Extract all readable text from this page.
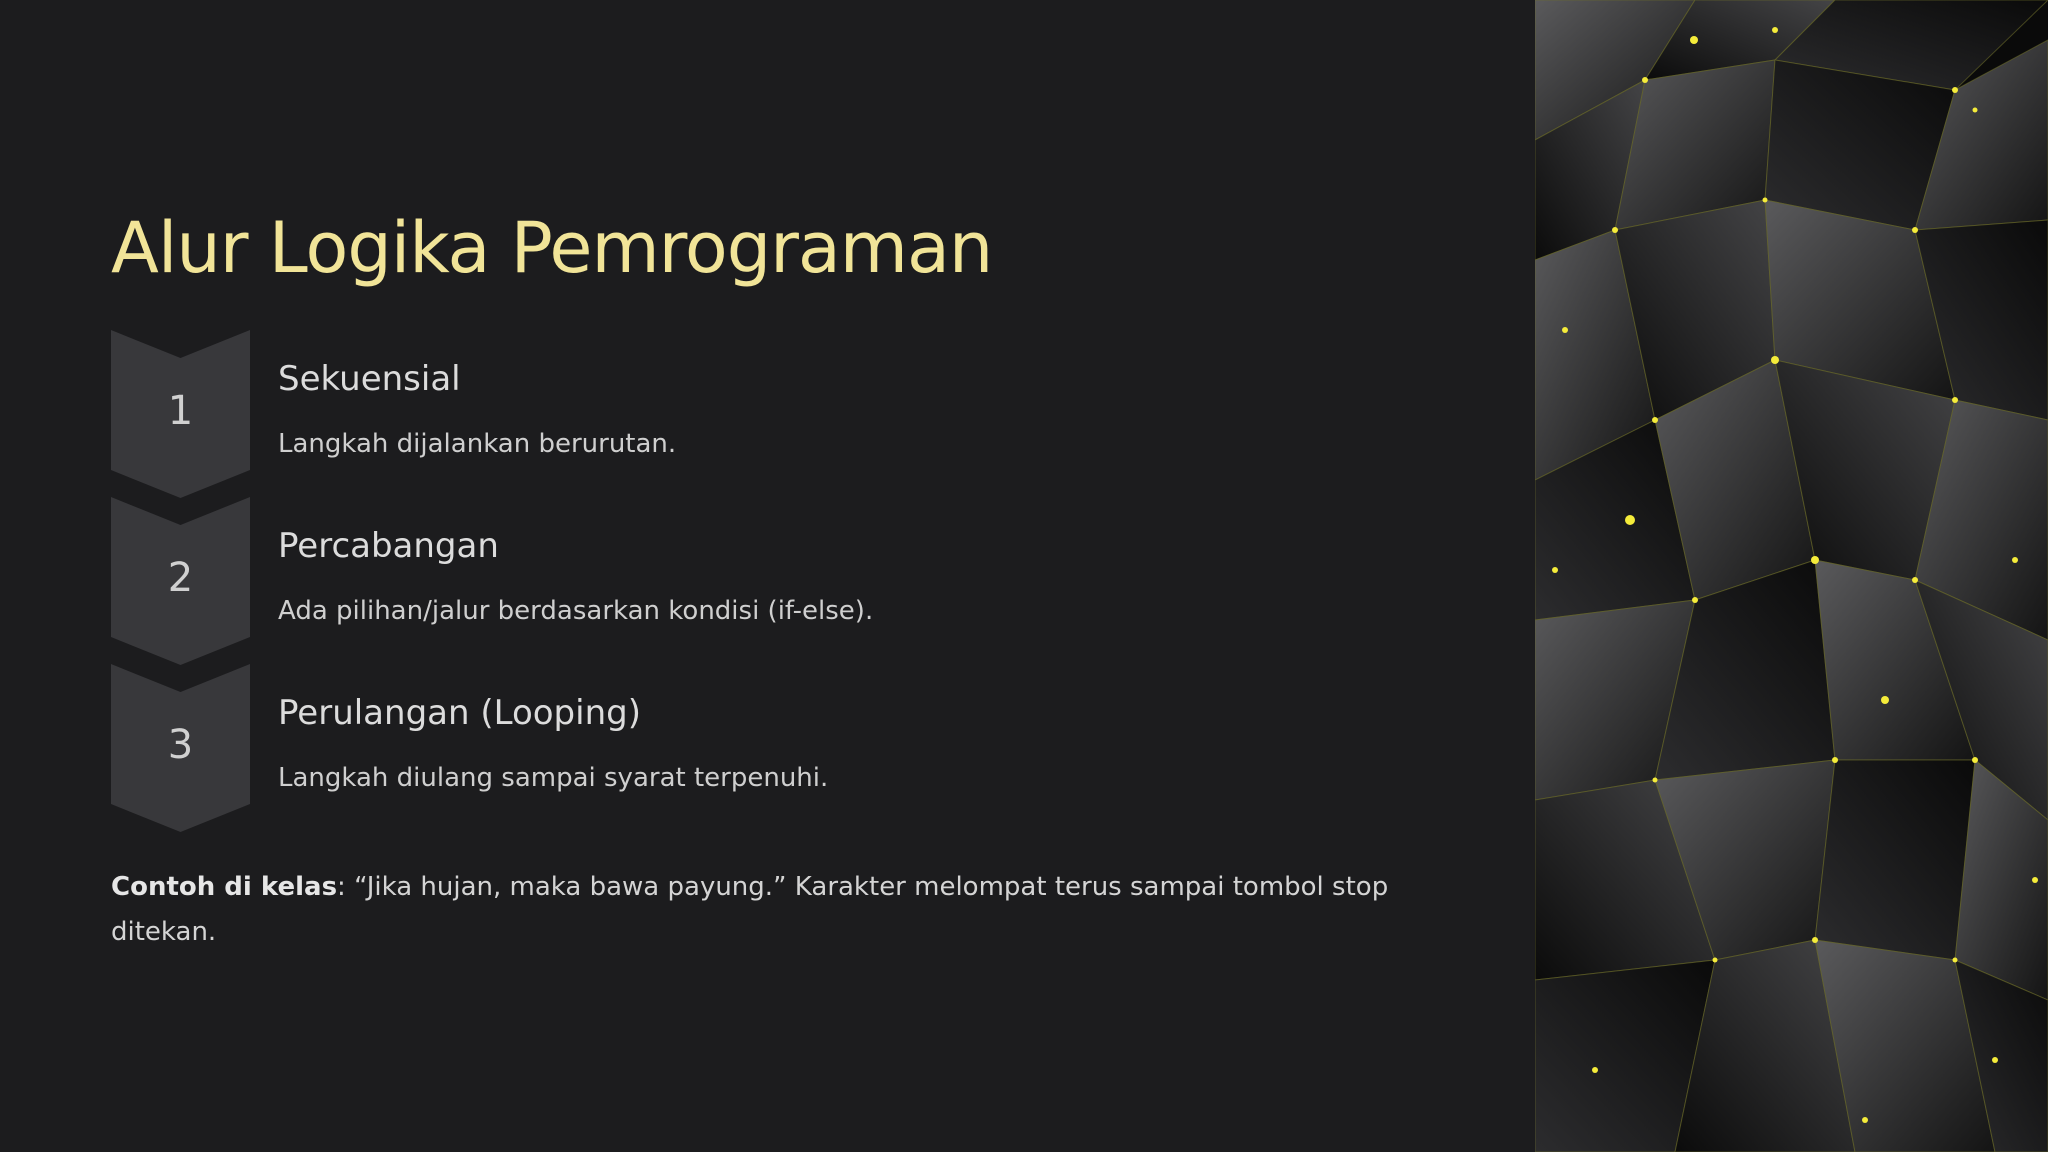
Alur Logika Pemrograman
1
Sekuensial
Langkah dijalankan berurutan.
2
Percabangan
Ada pilihan/jalur berdasarkan kondisi (if-else).
3
Perulangan (Looping)
Langkah diulang sampai syarat terpenuhi.

Contoh di kelas: “Jika hujan, maka bawa payung.” Karakter melompat terus sampai tombol stop ditekan.
